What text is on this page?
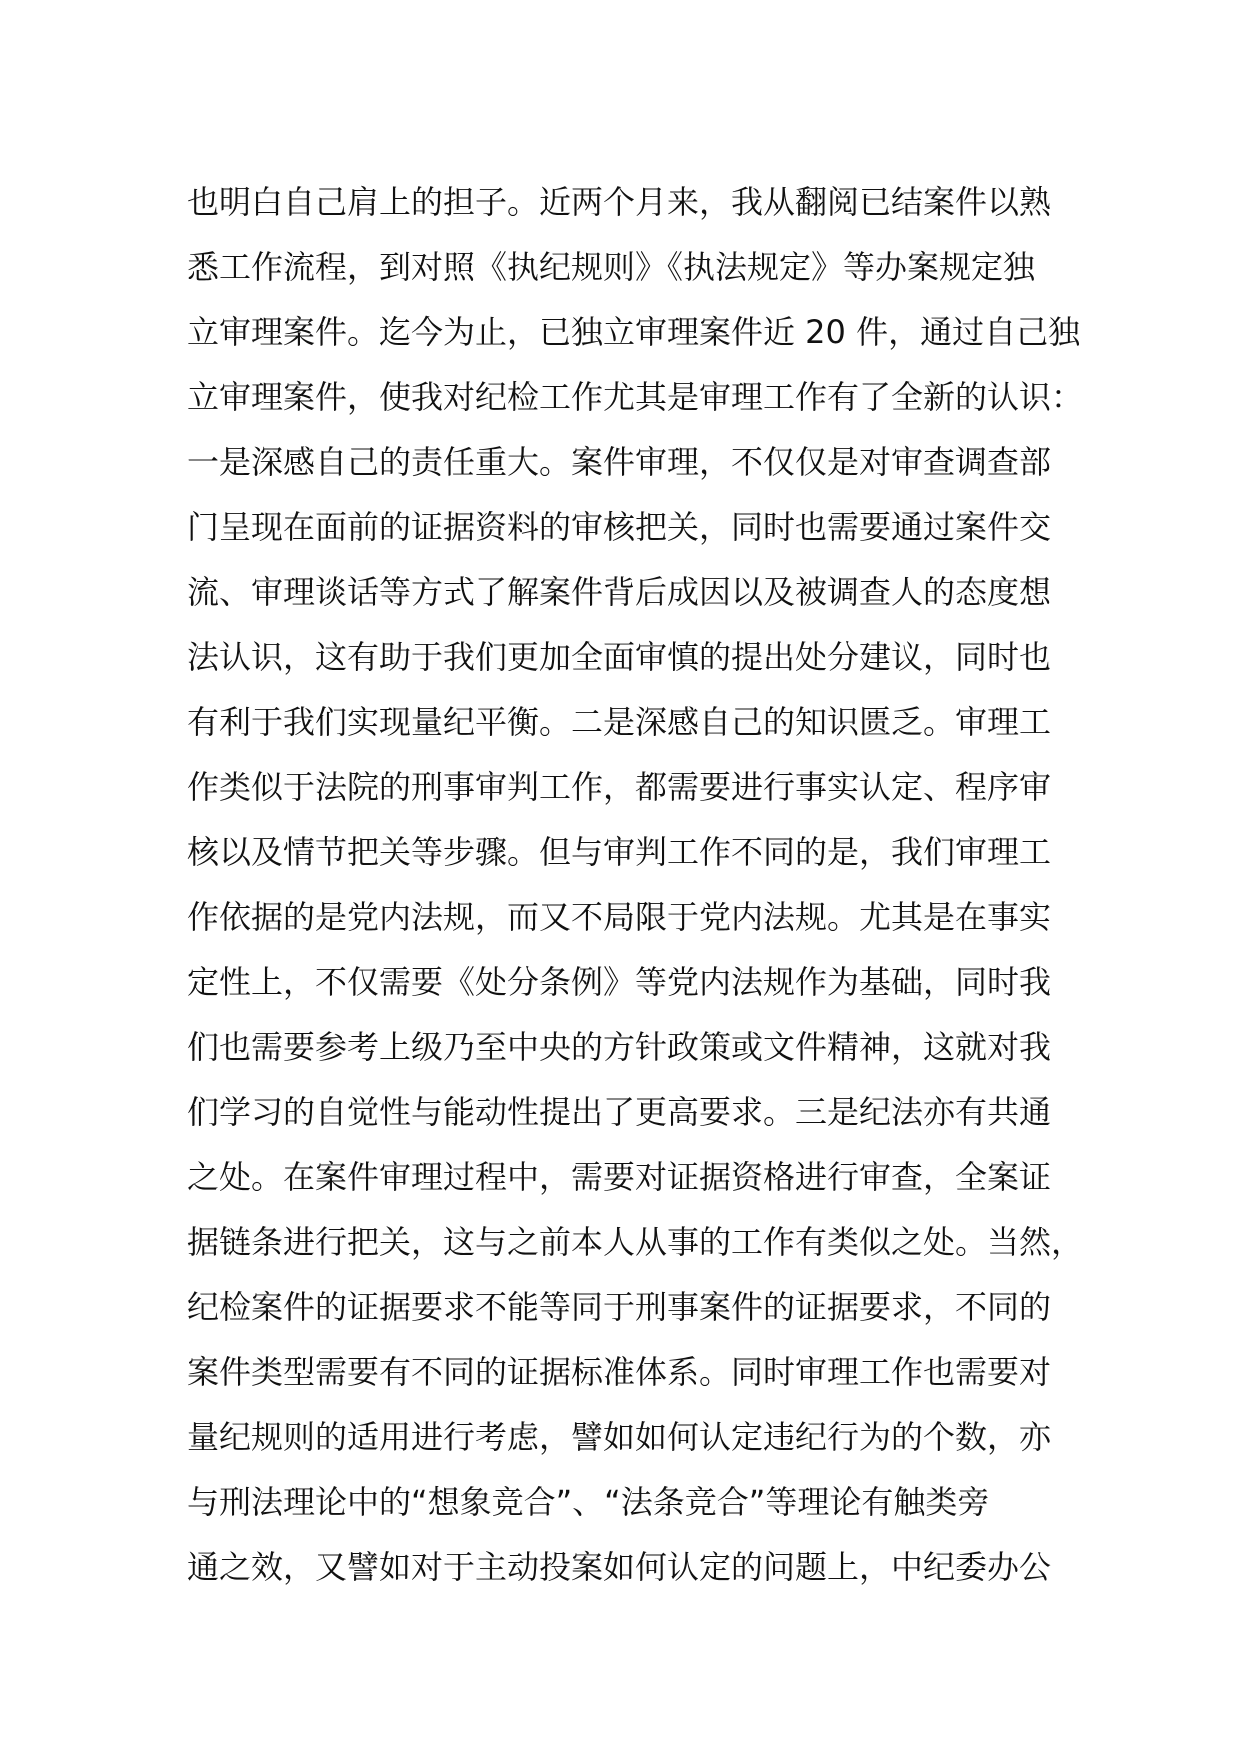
也明白自己肩上的担子。近两个月来，我从翻阅已结案件以熟
悉工作流程，到对照《执纪规则》《执法规定》等办案规定独
立审理案件。迄今为止，已独立审理案件近 20 件，通过自己独
立审理案件，使我对纪检工作尤其是审理工作有了全新的认识：
一是深感自己的责任重大。案件审理，不仅仅是对审查调查部
门呈现在面前的证据资料的审核把关，同时也需要通过案件交
流、审理谈话等方式了解案件背后成因以及被调查人的态度想
法认识，这有助于我们更加全面审慎的提出处分建议，同时也
有利于我们实现量纪平衡。二是深感自己的知识匮乏。审理工
作类似于法院的刑事审判工作，都需要进行事实认定、程序审
核以及情节把关等步骤。但与审判工作不同的是，我们审理工
作依据的是党内法规，而又不局限于党内法规。尤其是在事实
定性上，不仅需要《处分条例》等党内法规作为基础，同时我
们也需要参考上级乃至中央的方针政策或文件精神，这就对我
们学习的自觉性与能动性提出了更高要求。三是纪法亦有共通
之处。在案件审理过程中，需要对证据资格进行审查，全案证
据链条进行把关，这与之前本人从事的工作有类似之处。当然，
纪检案件的证据要求不能等同于刑事案件的证据要求，不同的
案件类型需要有不同的证据标准体系。同时审理工作也需要对
量纪规则的适用进行考虑，譬如如何认定违纪行为的个数，亦
与刑法理论中的“想象竞合”、“法条竞合”等理论有触类旁
通之效，又譬如对于主动投案如何认定的问题上，中纪委办公
